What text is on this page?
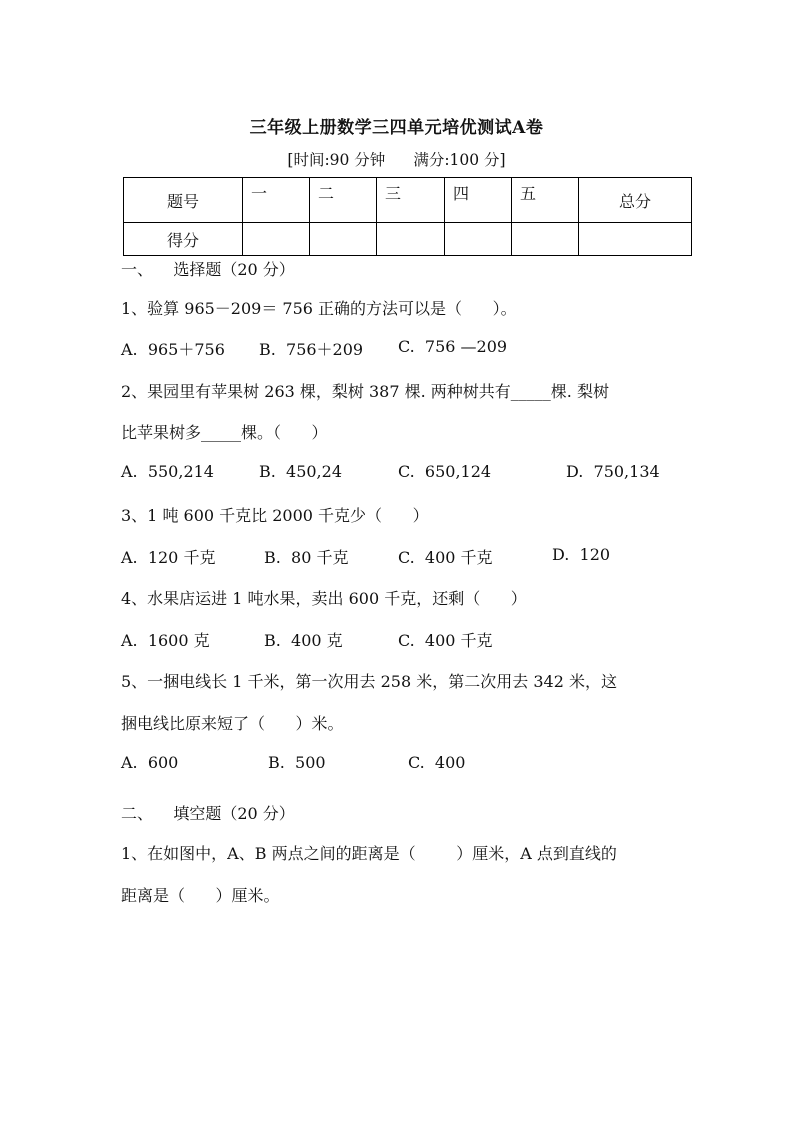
三年级上册数学三四单元培优测试A卷
[时间:90 分钟 满分:100 分]
题号	一	二	三	四	五	总分
得分						
一、    选择题（20 分）
1、验算 965－209＝ 756 正确的方法可以是（      ）。
A.  965＋756 B.  756＋209 C.  756 —209
2、果园里有苹果树 263 棵，梨树 387 棵. 两种树共有_____棵. 梨树
比苹果树多_____棵。（      ）
A.  550,214	B.  450,24	C.  650,124	D.  750,134
3、1 吨 600 千克比 2000 千克少（      ）
A.  120 千克	B.  80 千克	C.  400 千克	D.  120
4、水果店运进 1 吨水果，卖出 600 千克，还剩（      ）
A.  1600 克	B.  400 克	C.  400 千克
5、一捆电线长 1 千米，第一次用去 258 米，第二次用去 342 米，这
捆电线比原来短了（      ）米。
A.  600	B.  500	C.  400
二、    填空题（20 分）
1、在如图中，A、B 两点之间的距离是（        ）厘米，A 点到直线的
距离是（      ）厘米。
